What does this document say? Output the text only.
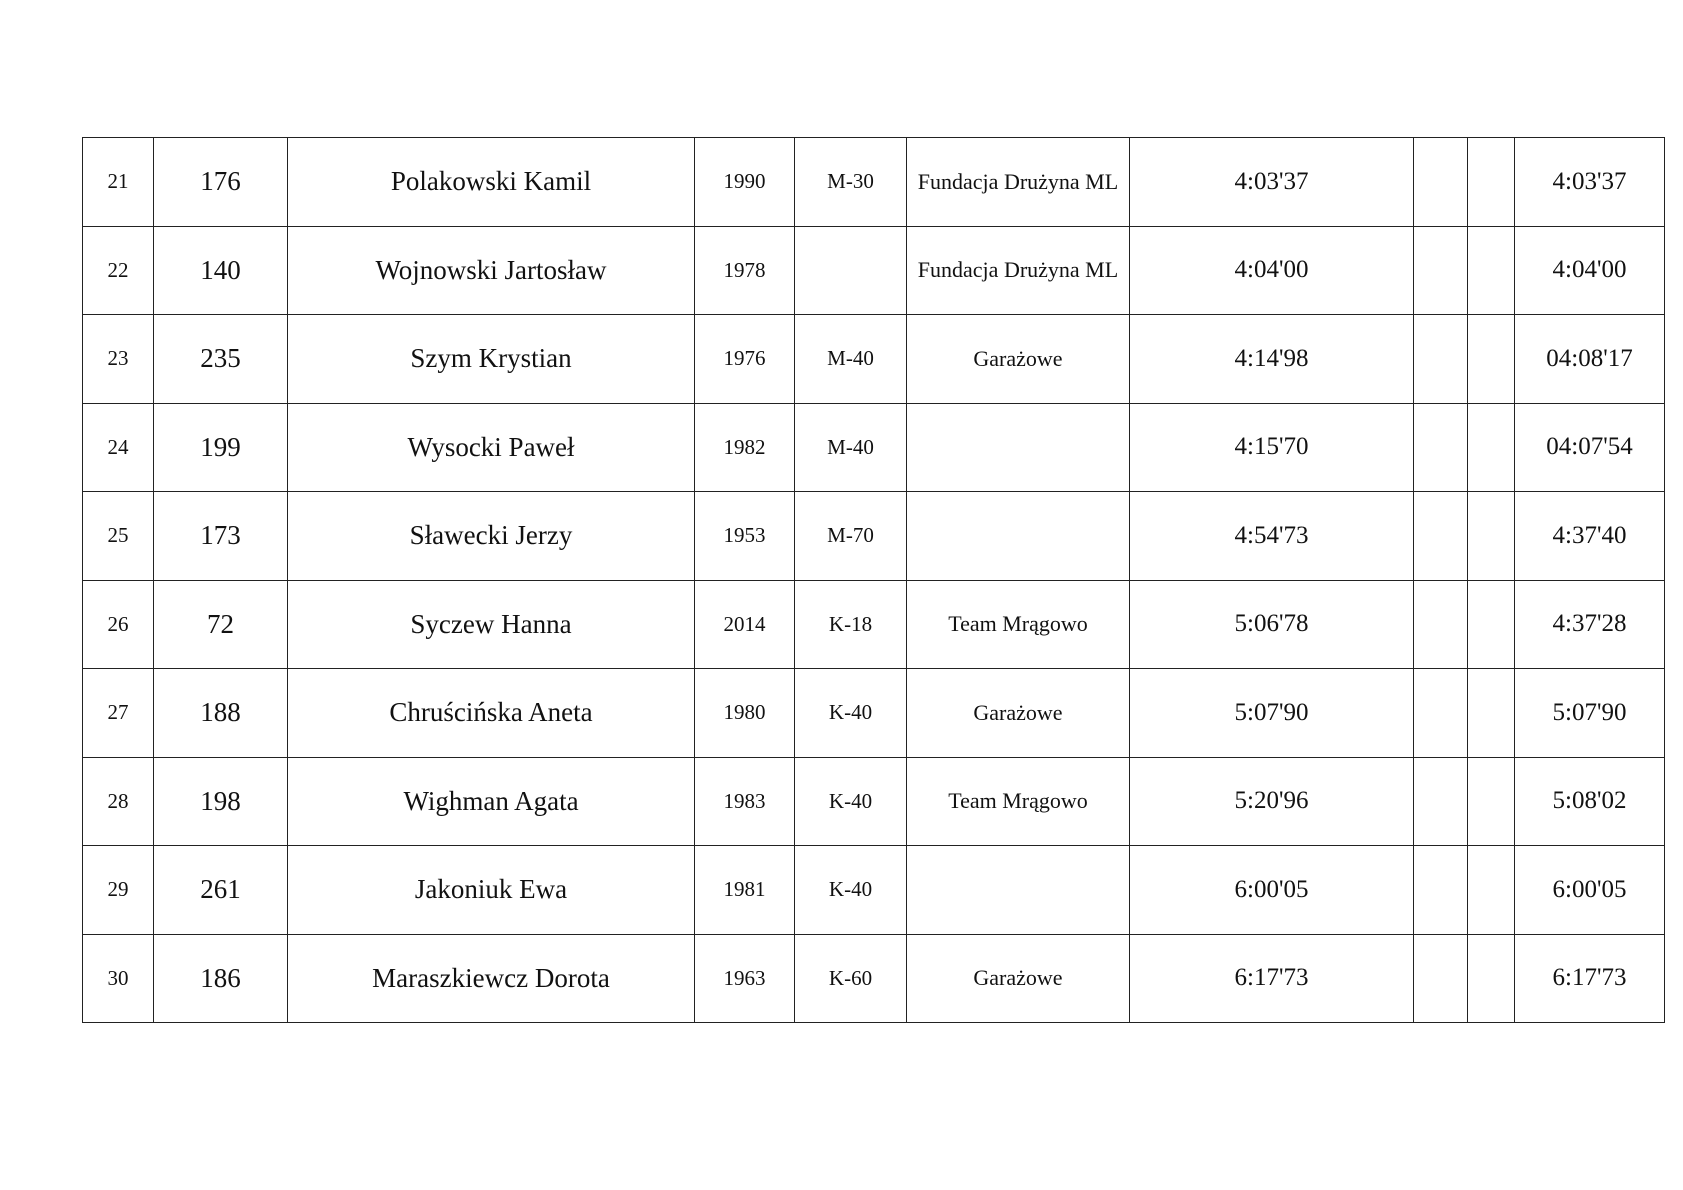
21	176	Polakowski Kamil	1990	M-30	Fundacja Drużyna ML	4:03'37			4:03'37
22	140	Wojnowski Jartosław	1978		Fundacja Drużyna ML	4:04'00			4:04'00
23	235	Szym Krystian	1976	M-40	Garażowe	4:14'98			04:08'17
24	199	Wysocki Paweł	1982	M-40		4:15'70			04:07'54
25	173	Sławecki Jerzy	1953	M-70		4:54'73			4:37'40
26	72	Syczew Hanna	2014	K-18	Team Mrągowo	5:06'78			4:37'28
27	188	Chruścińska Aneta	1980	K-40	Garażowe	5:07'90			5:07'90
28	198	Wighman Agata	1983	K-40	Team Mrągowo	5:20'96			5:08'02
29	261	Jakoniuk Ewa	1981	K-40		6:00'05			6:00'05
30	186	Maraszkiewcz Dorota	1963	K-60	Garażowe	6:17'73			6:17'73
